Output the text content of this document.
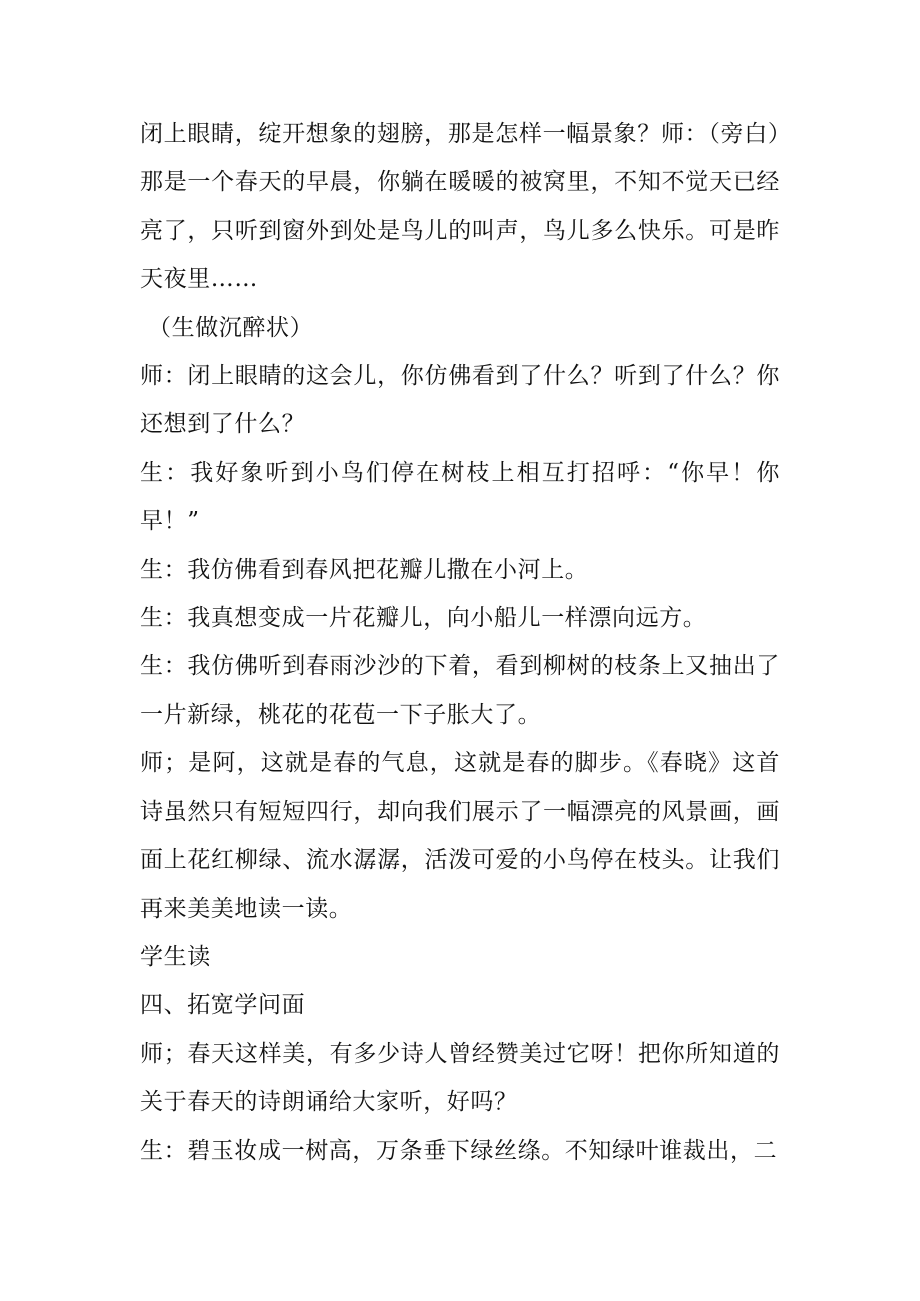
闭上眼睛，绽开想象的翅膀，那是怎样一幅景象？师：（旁白）那是一个春天的早晨，你躺在暖暖的被窝里，不知不觉天已经亮了，只听到窗外到处是鸟儿的叫声，鸟儿多么快乐。可是昨天夜里……

（生做沉醉状）

师：闭上眼睛的这会儿，你仿佛看到了什么？听到了什么？你还想到了什么？

生：我好象听到小鸟们停在树枝上相互打招呼：“你早！你早！”

生：我仿佛看到春风把花瓣儿撒在小河上。

生：我真想变成一片花瓣儿，向小船儿一样漂向远方。

生：我仿佛听到春雨沙沙的下着，看到柳树的枝条上又抽出了一片新绿，桃花的花苞一下子胀大了。

师；是阿，这就是春的气息，这就是春的脚步。《春晓》这首诗虽然只有短短四行，却向我们展示了一幅漂亮的风景画，画面上花红柳绿、流水潺潺，活泼可爱的小鸟停在枝头。让我们再来美美地读一读。

学生读

四、拓宽学问面

师；春天这样美，有多少诗人曾经赞美过它呀！把你所知道的关于春天的诗朗诵给大家听，好吗？

生：碧玉妆成一树高，万条垂下绿丝绦。不知绿叶谁裁出，二
